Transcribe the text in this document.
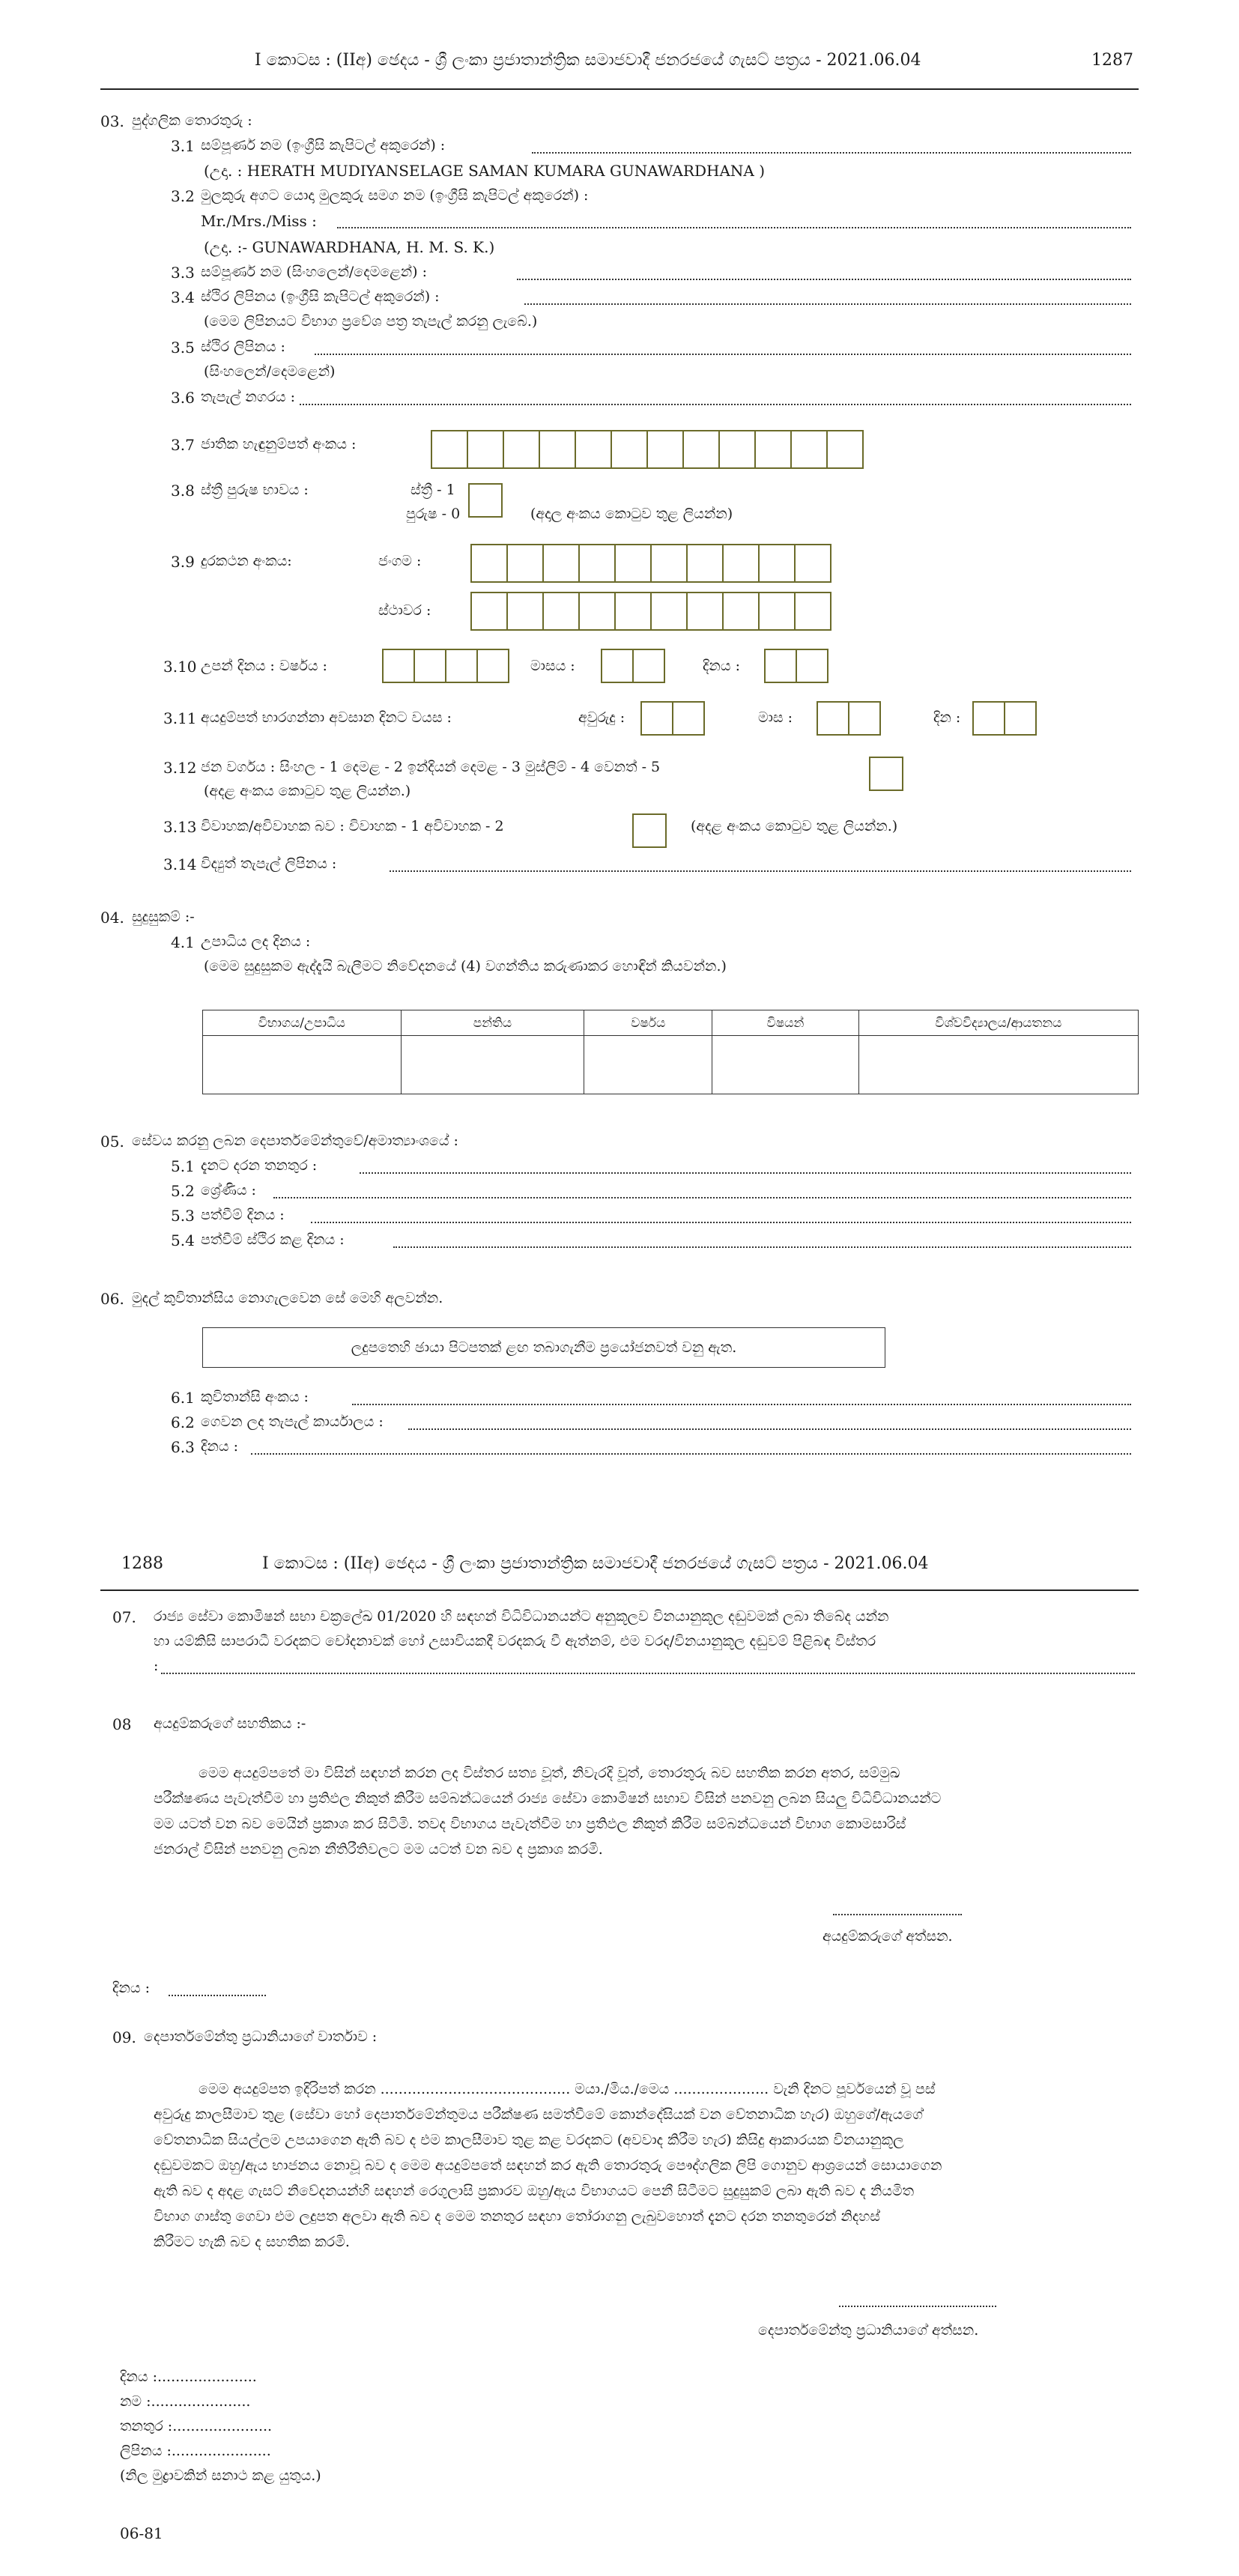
I කොටස : (IIඅ) ඡෙදය - ශ්‍රී ලංකා ප්‍රජාතාන්ත්‍රික සමාජවාදී ජනරජයේ ගැසට් පත්‍රය - 2021.06.04	1287
03. පුද්ගලික තොරතුරු :
3.1 සම්පූර්ණ නම (ඉංග්‍රීසි කැපිටල් අකුරෙන්) :
(උදා. : HERATH MUDIYANSELAGE SAMAN KUMARA GUNAWARDHANA )
3.2 මුලකුරු අගට යොදා මුලකුරු සමග නම (ඉංග්‍රීසි කැපිටල් අකුරෙන්) :
Mr./Mrs./Miss :
(උදා. :- GUNAWARDHANA, H. M. S. K.)
3.3 සම්පූර්ණ නම (සිංහලෙන්/දෙමළෙන්) :
3.4 ස්ථිර ලිපිනය (ඉංග්‍රීසි කැපිටල් අකුරෙන්) :
(මෙම ලිපිනයට විභාග ප්‍රවේශ පත්‍ර තැපැල් කරනු ලැබේ.)
3.5 ස්ථිර ලිපිනය :
(සිංහලෙන්/දෙමළෙන්)
3.6 තැපැල් නගරය :
3.7 ජාතික හැඳුනුම්පත් අංකය :
3.8 ස්ත්‍රී පුරුෂ භාවය :	ස්ත්‍රී - 1
පුරුෂ - 0	(අදාල අංකය කොටුව තුළ ලියන්න)
3.9 දුරකථන අංකය:	ජංගම :
ස්ථාවර :
3.10 උපන් දිනය : වර්ෂය :	මාසය :	දිනය :
3.11 අයදුම්පත් භාරගන්නා අවසාන දිනට වයස :	අවුරුදු :	මාස :	දින :
3.12 ජන වර්ගය : සිංහල - 1 දෙමළ - 2 ඉන්දියන් දෙමළ - 3 මුස්ලිම් - 4 වෙනත් - 5
(අදළ අංකය කොටුව තුළ ලියන්න.)
3.13 විවාහක/අවිවාහක බව : විවාහක - 1 අවිවාහක - 2	(අදළ අංකය කොටුව තුළ ලියන්න.)
3.14 විද්‍යුත් තැපැල් ලිපිනය :
04. සුදුසුකම් :-
4.1 උපාධිය ලද දිනය :
(මෙම සුදුසුකම ඇද්දැයි බැලීමට නිවේදනයේ (4) වගන්තිය කරුණාකර හොඳින් කියවන්න.)
විභාගය/උපාධිය	පන්තිය	වර්ෂය	විෂයන්	විශ්වවිද්‍යාලය/ආයතනය

05. සේවය කරනු ලබන දෙපාර්තමේන්තුවේ/අමාත්‍යාංශයේ :
5.1 දැනට දරන තනතුර :
5.2 ශ්‍රේණිය :
5.3 පත්වීම් දිනය :
5.4 පත්වීම් ස්ථිර කළ දිනය :
06. මුදල් කුවිතාන්සිය නොගැලවෙන සේ මෙහි අලවන්න.
ලදුපතෙහි ඡායා පිටපතක් ළඟ තබාගැනීම ප්‍රයෝජනවත් වනු ඇත.
6.1 කුවිතාන්සි අංකය :
6.2 ගෙවන ලද තැපැල් කාර්යාලය :
6.3 දිනය :
1288	I කොටස : (IIඅ) ඡෙදය - ශ්‍රී ලංකා ප්‍රජාතාන්ත්‍රික සමාජවාදී ජනරජයේ ගැසට් පත්‍රය - 2021.06.04
07. රාජ්‍ය සේවා කොමිෂන් සභා චක්‍රලේඛ 01/2020 හි සඳහන් විධිවිධානයන්ට අනුකූලව විනයානුකූල දඬුවමක් ලබා තිබේද යන්න
හා යම්කිසි සාපරාධී වරදකට චෝදනාවක් හෝ උසාවියකදී වරදකරු වී ඇත්නම්, එම වරද/විනයානුකූල දඬුවම් පිළිබඳ විස්තර
:
08 අයදුම්කරුගේ සහතිකය :-
මෙම අයදුම්පතේ මා විසින් සඳහන් කරන ලද විස්තර සත්‍ය වූත්, නිවැරදි වූත්, තොරතුරු බව සහතික කරන අතර, සම්මුඛ
පරීක්ෂණය පැවැත්වීම හා ප්‍රතිඵල නිකුත් කිරීම සම්බන්ධයෙන් රාජ්‍ය සේවා කොමිෂන් සභාව විසින් පනවනු ලබන සියලු විධිවිධානයන්ට
මම යටත් වන බව මෙයින් ප්‍රකාශ කර සිටිමි. තවද විභාගය පැවැත්වීම හා ප්‍රතිඵල නිකුත් කිරීම සම්බන්ධයෙන් විභාග කොමසාරිස්
ජනරාල් විසින් පනවනු ලබන නීතිරීතිවලට මම යටත් වන බව ද ප්‍රකාශ කරමි.
අයදුම්කරුගේ අත්සන.
දිනය :
09. දෙපාර්තමේන්තු ප්‍රධානියාගේ වාර්තාව :
මෙම අයදුම්පත ඉදිරිපත් කරන .......................................... මයා./මිය./මෙය ..................... වැනි දිනට පූර්වයෙන් වූ පස්
අවුරුදු කාලසීමාව තුළ (සේවා හෝ දෙපාර්තමේන්තුමය පරීක්ෂණ සමත්වීමේ කොන්දේසියක් වන වේතනාධික හැර) ඔහුගේ/ඇයගේ
වේතනාධික සියල්ලම උපයාගෙන ඇති බව ද එම කාලසීමාව තුළ කළ වරදකට (අවවාද කිරීම හැර) කිසිදු ආකාරයක විනයානුකූල
දඬුවමකට ඔහු/ඇය භාජනය නොවූ බව ද මෙම අයදුම්පතේ සඳහන් කර ඇති තොරතුරු පෞද්ගලික ලිපි ගොනුව ආශ්‍රයෙන් සොයාගෙන
ඇති බව ද අදළ ගැසට් නිවේදනයන්හි සඳහන් රෙගුලාසි ප්‍රකාරව ඔහු/ඇය විභාගයට පෙනී සිටීමට සුදුසුකම් ලබා ඇති බව ද නියමිත
විභාග ගාස්තු ගෙවා එම ලදුපත අලවා ඇති බව ද මෙම තනතුර සඳහා තෝරාගනු ලැබුවහොත් දැනට දරන තනතුරෙන් නිදහස්
කිරීමට හැකි බව ද සහතික කරමි.
දෙපාර්තමේන්තු ප්‍රධානියාගේ අත්සන.
දිනය :......................
නම :......................
තනතුර :......................
ලිපිනය :......................
(නිල මුද්‍රාවකින් සනාථ කළ යුතුය.)
06-81
